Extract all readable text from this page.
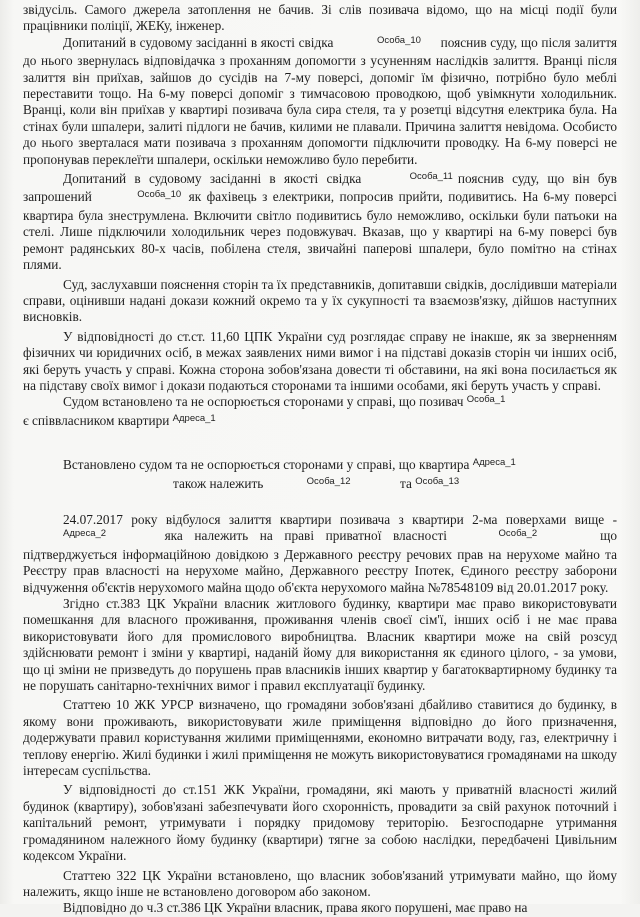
звідусіль. Самого джерела затоплення не бачив. Зі слів позивача відомо, що на місці події були працівники поліції, ЖЕКу, інженер.

Допитаний в судовому засіданні в якості свідка	Особа_10 пояснив суду, що після залиття до нього звернулась відповідачка з проханням допомогти з усуненням наслідків залиття. Вранці після залиття він приїхав, зайшов до сусідів на 7-му поверсі, допоміг їм фізично, потрібно було меблі переставити тощо. На 6-му поверсі допоміг з тимчасовою проводкою, щоб увімкнути холодильник. Вранці, коли він приїхав у квартирі позивача була сира стеля, та у розетці відсутня електрика була. На стінах були шпалери, залиті підлоги не бачив, килими не плавали. Причина залиття невідома. Особисто до нього зверталася мати позивача з проханням допомогти підключити проводку. На 6-му поверсі не пропонував переклеїти шпалери, оскільки неможливо було перебити.

Допитаний в судовому засіданні в якості свідка	Особа_11 пояснив суду, що він був запрошений	Особа_10 як фахівець з електрики, попросив прийти, подивитись. На 6-му поверсі квартира була знеструмлена. Включити світло подивитись було неможливо, оскільки були патьоки на стелі. Лише підключили холодильник через подовжувач. Вказав, що у квартирі на 6-му поверсі був ремонт радянських 80-х часів, побілена стеля, звичайні паперові шпалери, було помітно на стінах плями.

Суд, заслухавши пояснення сторін та їх представників, допитавши свідків, дослідивши матеріали справи, оцінивши надані докази кожний окремо та у їх сукупності та взаємозв'язку, дійшов наступних висновків.

У відповідності до ст.ст. 11,60 ЦПК України суд розглядає справу не інакше, як за зверненням фізичних чи юридичних осіб, в межах заявлених ними вимог і на підставі доказів сторін чи інших осіб, які беруть участь у справі. Кожна сторона зобов'язана довести ті обставини, на які вона посилається як на підставу своїх вимог і докази подаються сторонами та іншими особами, які беруть участь у справі.

Судом встановлено та не оспорюється сторонами у справі, що позивач $^{Особа\_1}$
є співвласником квартири $^{Адреса\_1}$

Встановлено судом та не оспорюється сторонами у справі, що квартира $^{Адреса\_1}$
також належить	Особа_12	та $^{Особа\_13}$

24.07.2017 року відбулося залиття квартири позивача з квартири 2-ма поверхами вище - Адреса_2	яка належить на праві приватної власності	Особа_2	що підтверджується інформаційною довідкою з Державного реєстру речових прав на нерухоме майно та Реєстру прав власності на нерухоме майно, Державного реєстру Іпотек, Єдиного реєстру заборони відчуження об'єктів нерухомого майна щодо об'єкта нерухомого майна №78548109 від 20.01.2017 року.

Згідно ст.383 ЦК України власник житлового будинку, квартири має право використовувати помешкання для власного проживання, проживання членів своєї сім'ї, інших осіб і не має права використовувати його для промислового виробництва. Власник квартири може на свій розсуд здійснювати ремонт і зміни у квартирі, наданій йому для використання як єдиного цілого, - за умови, що ці зміни не призведуть до порушень прав власників інших квартир у багатоквартирному будинку та не порушать санітарно-технічних вимог і правил експлуатації будинку.

Статтею 10 ЖК УРСР визначено, що громадяни зобов'язані дбайливо ставитися до будинку, в якому вони проживають, використовувати жиле приміщення відповідно до його призначення, додержувати правил користування жилими приміщеннями, економно витрачати воду, газ, електричну і теплову енергію. Жилі будинки і жилі приміщення не можуть використовуватися громадянами на шкоду інтересам суспільства.

У відповідності до ст.151 ЖК України, громадяни, які мають у приватній власності жилий будинок (квартиру), зобов'язані забезпечувати його схоронність, провадити за свій рахунок поточний і капітальний ремонт, утримувати і порядку придомову територію. Безгосподарне утримання громадянином належного йому будинку (квартири) тягне за собою наслідки, передбачені Цивільним кодексом України.

Статтею 322 ЦК України встановлено, що власник зобов'язаний утримувати майно, що йому належить, якщо інше не встановлено договором або законом.

Відповідно до ч.3 ст.386 ЦК України власник, права якого порушені, має право на
